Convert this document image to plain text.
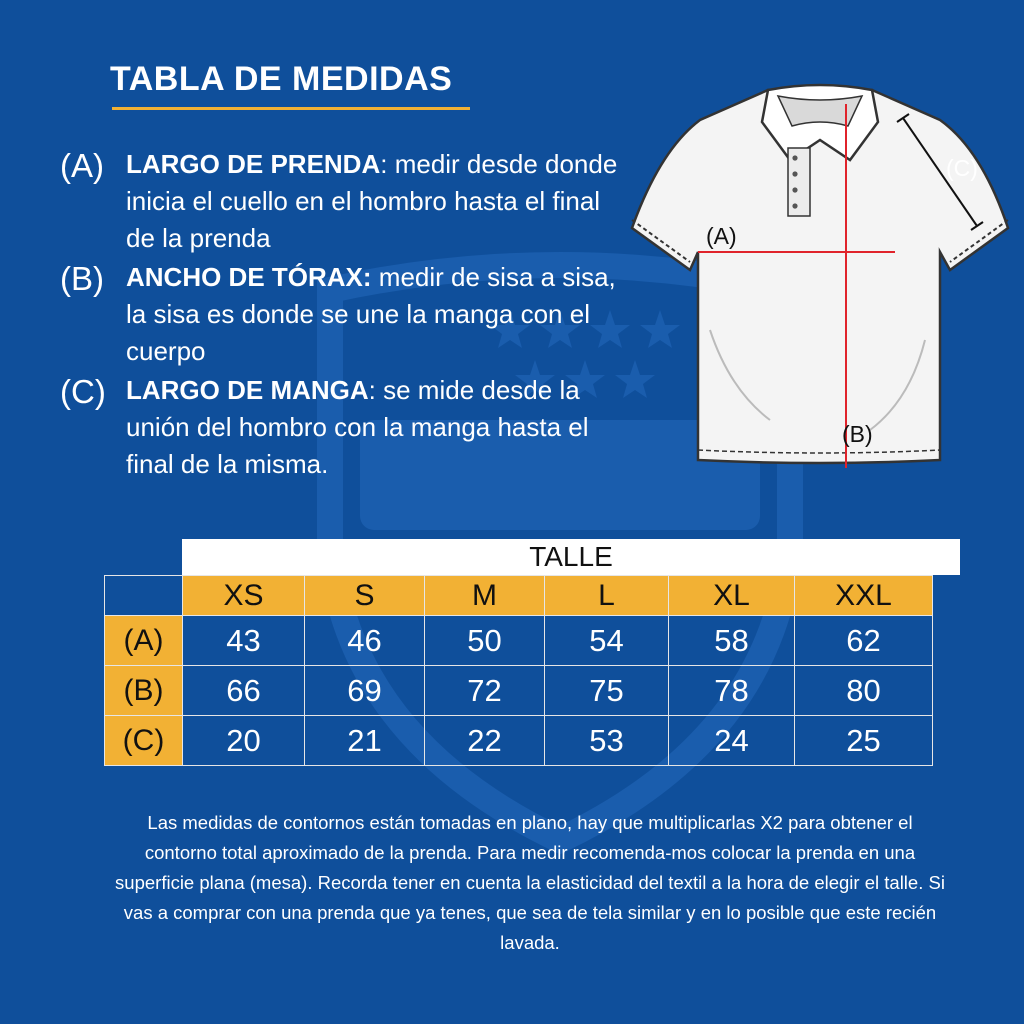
TABLA DE MEDIDAS
(A) LARGO DE PRENDA: medir desde donde inicia el cuello en el hombro hasta el final de la prenda

(B) ANCHO DE TÓRAX: medir de sisa a sisa, la sisa es donde se une la manga con el cuerpo

(C) LARGO DE MANGA: se mide desde la unión del hombro con la manga hasta el final de la misma.

(A)
(B)
(C)
TALLE
XS	S	M	L	XL	XXL
(A)	43	46	50	54	58	62
(B)	66	69	72	75	78	80
(C)	20	21	22	53	24	25

Las medidas de contornos están tomadas en plano, hay que multiplicarlas X2 para obtener el contorno total aproximado de la prenda. Para medir recomenda-mos colocar la prenda en una superficie plana (mesa). Recorda tener en cuenta la elasticidad del textil a la hora de elegir el talle. Si vas a comprar con una prenda que ya tenes, que sea de tela similar y en lo posible que este recién lavada.
